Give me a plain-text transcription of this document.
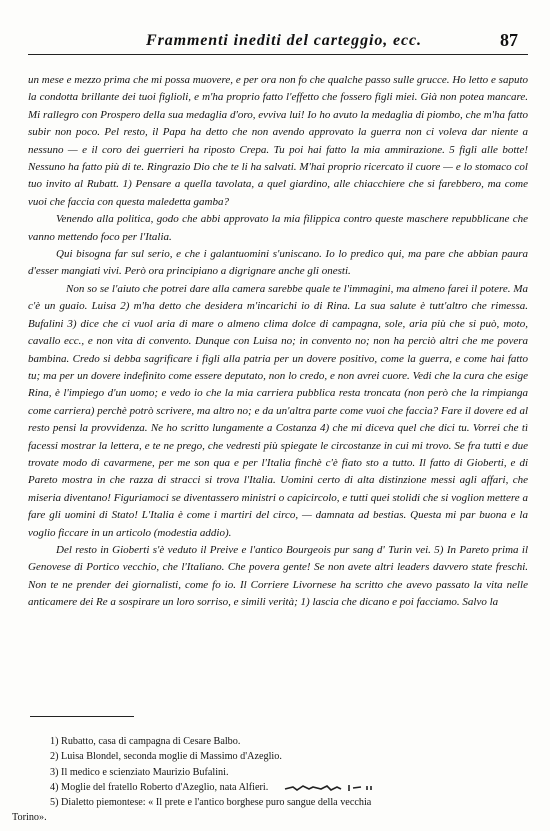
Frammenti inediti del carteggio, ecc.	87

un mese e mezzo prima che mi possa muovere, e per ora non fo che qualche passo sulle grucce. Ho letto e saputo la condotta brillante dei tuoi figlioli, e m'ha proprio fatto l'effetto che fossero figli miei. Già non potea mancare. Mi rallegro con Prospero della sua medaglia d'oro, evviva lui! Io ho avuto la medaglia di piombo, che m'ha fatto subir non poco. Pel resto, il Papa ha detto che non avendo approvato la guerra non ci voleva dar niente a nessuno — e il coro dei guerrieri ha riposto Crepa. Tu poi hai fatto la mia ammirazione. 5 figli alle botte! Nessuno ha fatto più di te. Ringrazio Dio che te li ha salvati. M'hai proprio ricercato il cuore — e lo stomaco col tuo invito al Rubatt. 1) Pensare a quella tavolata, a quel giardino, alle chiacchiere che si farebbero, ma come vuoi che faccia con questa maledetta gamba?

Venendo alla politica, godo che abbi approvato la mia filippica contro queste maschere repubblicane che vanno mettendo foco per l'Italia.

Qui bisogna far sul serio, e che i galantuomini s'uniscano. Io lo predico qui, ma pare che abbian paura d'esser mangiati vivi. Però ora principiano a digrignare anche gli onesti.

Non so se l'aiuto che potrei dare alla camera sarebbe quale te l'immagini, ma almeno farei il potere. Ma c'è un guaio. Luisa 2) m'ha detto che desidera m'incarichi io di Rina. La sua salute è tutt'altro che rimessa. Bufalini 3) dice che ci vuol aria di mare o almeno clima dolce di campagna, sole, aria più che si può, moto, cavallo ecc., e non vita di convento. Dunque con Luisa no; in convento no; non ha perciò altri che me povera bambina. Credo si debba sagrificare i figli alla patria per un dovere positivo, come la guerra, e come hai fatto tu; ma per un dovere indefinito come essere deputato, non lo credo, e non avrei cuore. Vedi che la cura che esige Rina, è l'impiego d'un uomo; e vedo io che la mia carriera pubblica resta troncata (non però che la rimpianga come carriera) perchè potrò scrivere, ma altro no; e da un'altra parte come vuoi che faccia? Fare il dovere ed al resto pensi la provvidenza. Ne ho scritto lungamente a Costanza 4) che mi diceva quel che dici tu. Vorrei che tì facessi mostrar la lettera, e te ne prego, che vedresti più spiegate le circostanze in cui mi trovo. Se fra tutti e due trovate modo di cavarmene, per me son qua e per l'Italia finchè c'è fiato sto a tutto. Il fatto di Gioberti, e di Pareto mostra in che razza di stracci si trova l'Italia. Uomini certo di alta distinzione messi agli affari, che miseria diventano! Figuriamoci se diventassero ministri o capicircolo, e tutti quei stolidi che si voglion mettere a fare gli uomini di Stato! L'Italia è come i martiri del circo, — damnata ad bestias. Questa mi par buona e la voglio ficcare in un articolo (modestia addio).

Del resto in Gioberti s'è veduto il Preive e l'antico Bourgeois pur sang d' Turin vei. 5) In Pareto prima il Genovese di Portico vecchio, che l'Italiano. Che povera gente! Se non avete altri leaders davvero state freschi. Non te ne prender dei giornalisti, come fo io. Il Corriere Livornese ha scritto che avevo passato la vita nelle anticamere dei Re a sospirare un loro sorriso, e simili verità; 1) lascia che dicano e poi facciamo. Salvo la

1) Rubatto, casa di campagna di Cesare Balbo.
2) Luisa Blondel, seconda moglie di Massimo d'Azeglio.
3) Il medico e scienziato Maurizio Bufalini.
4) Moglie del fratello Roberto d'Azeglio, nata Alfieri.
5) Dialetto piemontese: « Il prete e l'antico borghese puro sangue della vecchia
Torino».
